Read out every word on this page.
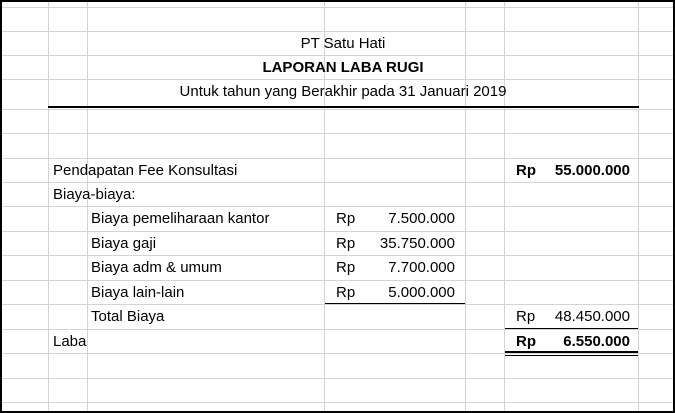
PT Satu Hati
LAPORAN LABA RUGI
Untuk tahun yang Berakhir pada 31 Januari 2019
Pendapatan Fee Konsultasi	Rp	55.000.000
Biaya-biaya:
Biaya pemeliharaan kantor	Rp	7.500.000
Biaya gaji	Rp	35.750.000
Biaya adm & umum	Rp	7.700.000
Biaya lain-lain	Rp	5.000.000
Total Biaya	Rp	48.450.000
Laba	Rp	6.550.000
